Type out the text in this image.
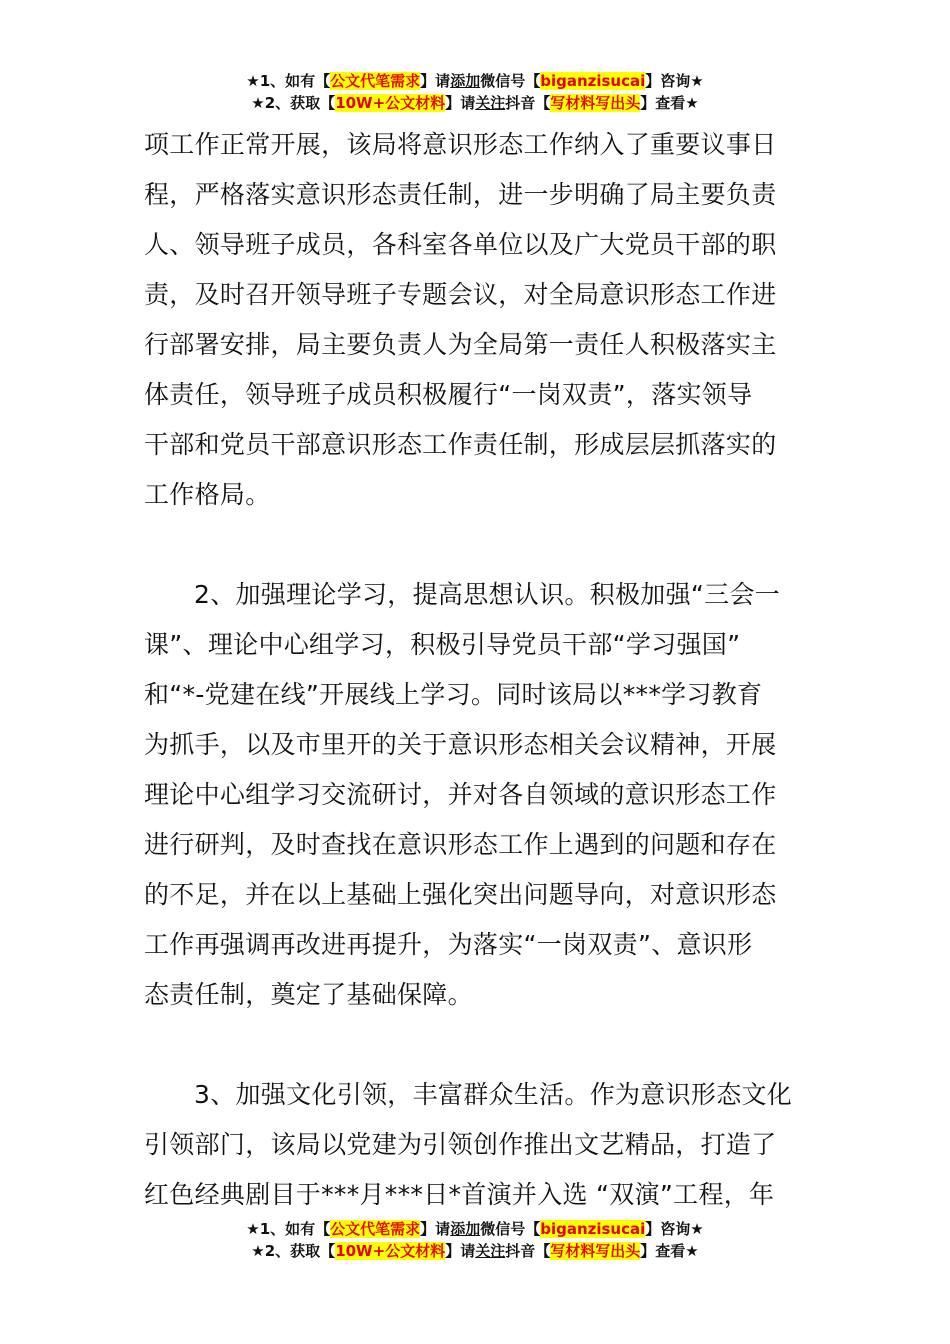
★1、如有【公文代笔需求】请添加微信号【biganzisucai】咨询★
★2、获取【10W+公文材料】请关注抖音【写材料写出头】查看★
项工作正常开展，该局将意识形态工作纳入了重要议事日
程，严格落实意识形态责任制，进一步明确了局主要负责
人、领导班子成员，各科室各单位以及广大党员干部的职
责，及时召开领导班子专题会议，对全局意识形态工作进
行部署安排，局主要负责人为全局第一责任人积极落实主
体责任，领导班子成员积极履行“一岗双责”，落实领导
干部和党员干部意识形态工作责任制，形成层层抓落实的
工作格局。
2、加强理论学习，提高思想认识。积极加强“三会一
课”、理论中心组学习，积极引导党员干部“学习强国”
和“*-党建在线”开展线上学习。同时该局以***学习教育
为抓手，以及市里开的关于意识形态相关会议精神，开展
理论中心组学习交流研讨，并对各自领域的意识形态工作
进行研判，及时查找在意识形态工作上遇到的问题和存在
的不足，并在以上基础上强化突出问题导向，对意识形态
工作再强调再改进再提升，为落实“一岗双责”、意识形
态责任制，奠定了基础保障。
3、加强文化引领，丰富群众生活。作为意识形态文化
引领部门，该局以党建为引领创作推出文艺精品，打造了
红色经典剧目于***月***日*首演并入选 “双演”工程，年
★1、如有【公文代笔需求】请添加微信号【biganzisucai】咨询★
★2、获取【10W+公文材料】请关注抖音【写材料写出头】查看★
